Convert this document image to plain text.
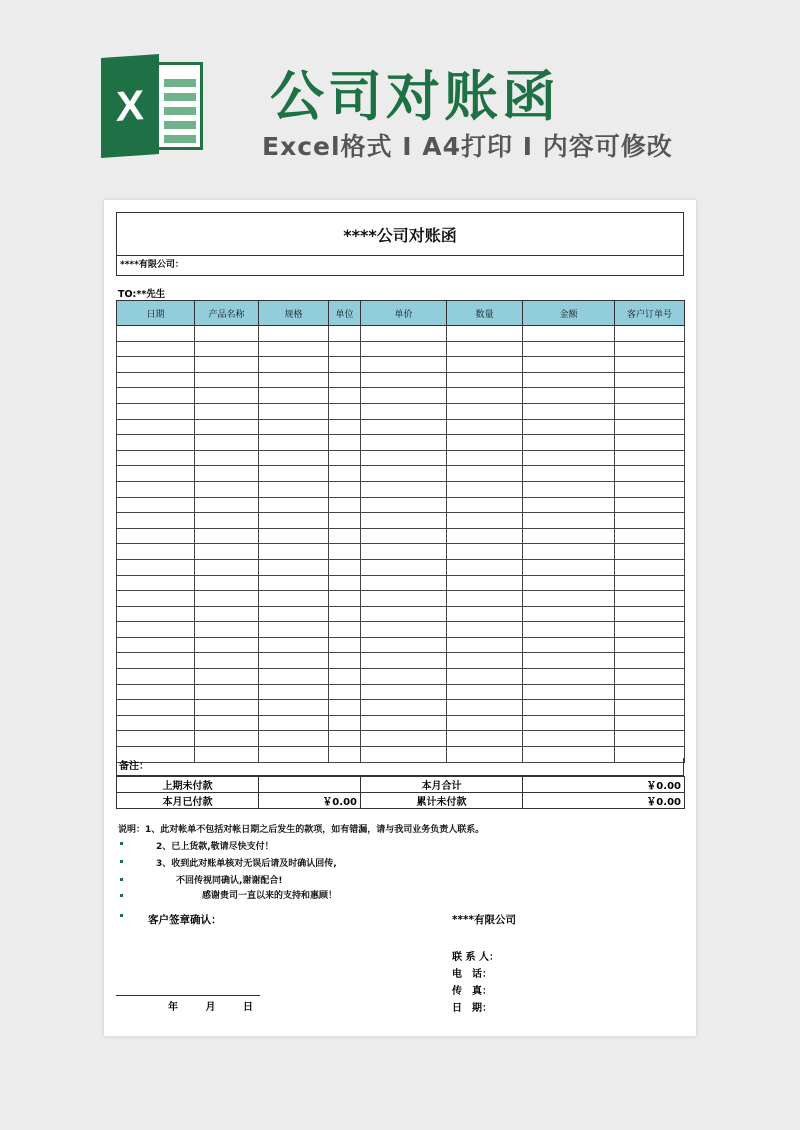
X 公司对账函
Excel格式 I A4打印 I 内容可修改
****公司对账函
****有限公司：
TO:**先生
日期	产品名称	规格	单位	单价	数量	金额	客户订单号

备注：
上期未付款		本月合计	￥0.00
本月已付款	￥0.00	累计未付款	￥0.00
说明：1、此对帐单不包括对帐日期之后发生的款项，如有错漏，请与我司业务负责人联系。
2、已上货款,敬请尽快支付！
3、收到此对账单核对无误后请及时确认回传,
不回传视同确认,谢谢配合!
感谢贵司一直以来的支持和惠顾！
客户签章确认：	****有限公司
联 系 人：
电　话：
传　真：
日　期：
年 月 日
